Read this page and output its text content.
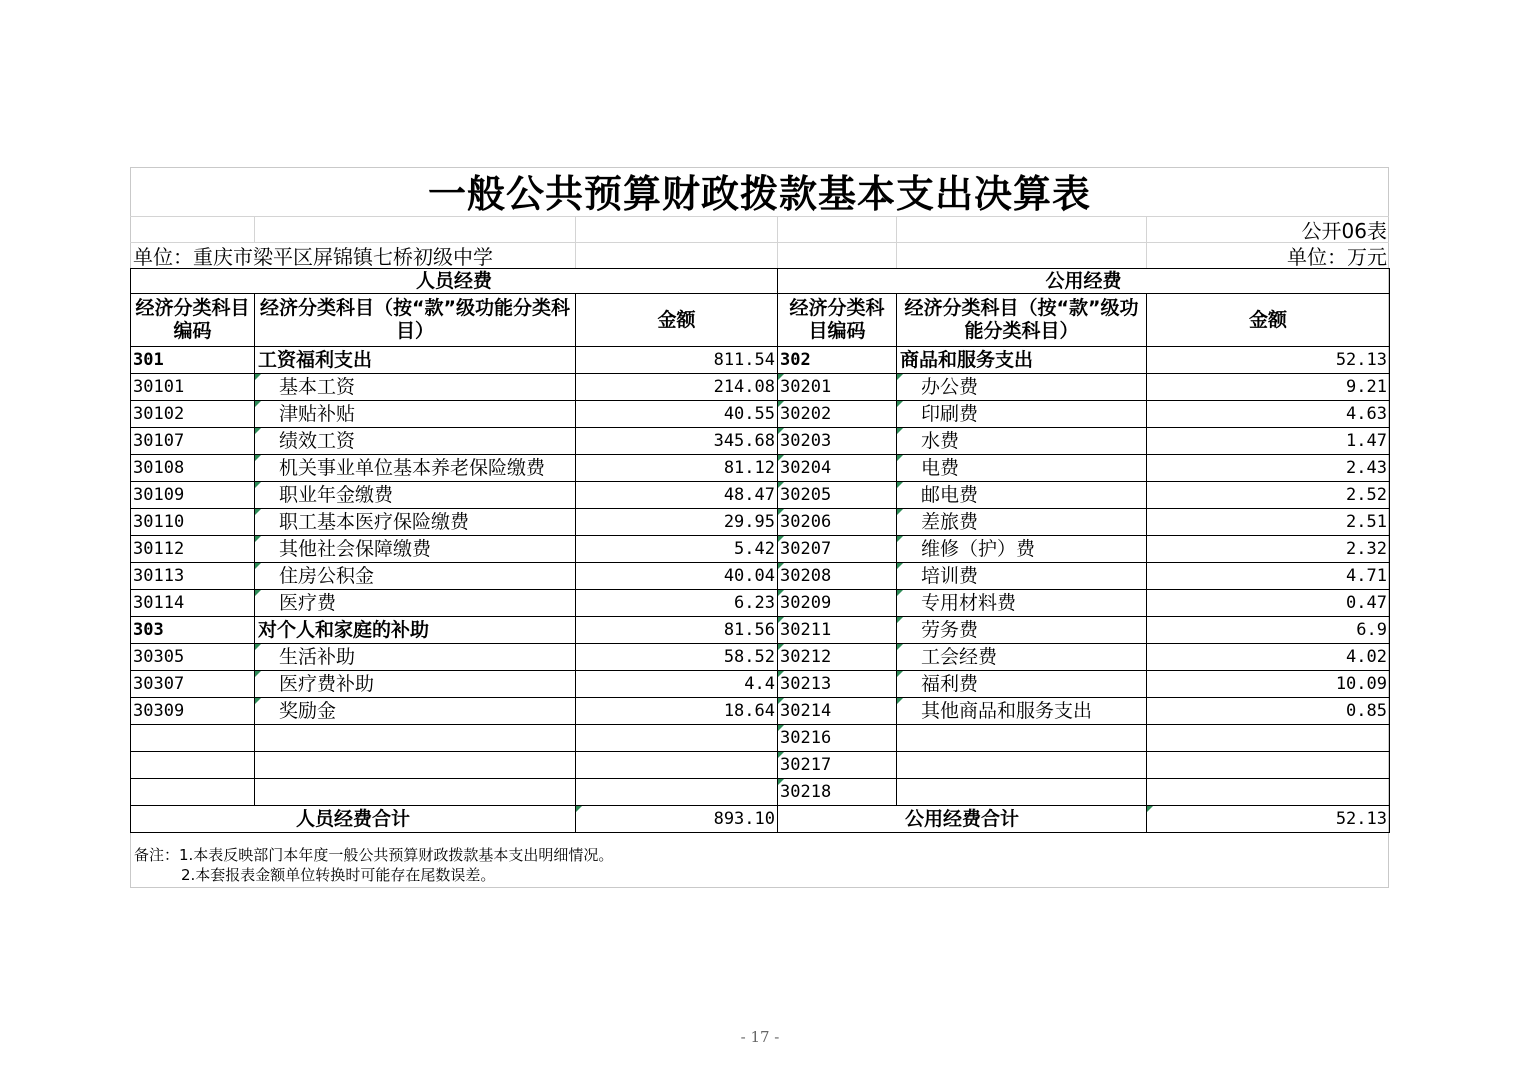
一般公共预算财政拨款基本支出决算表
公开06表
单位：重庆市梁平区屏锦镇七桥初级中学	单位：万元
人员经费			公用经费		
经济分类科目编码	经济分类科目（按“款”级功能分类科目）	金额	经济分类科目编码	经济分类科目（按“款”级功能分类科目）	金额
301	工资福利支出	811.54	302	商品和服务支出	52.13
30101	基本工资	214.08	30201	办公费	9.21
30102	津贴补贴	40.55	30202	印刷费	4.63
30107	绩效工资	345.68	30203	水费	1.47
30108	机关事业单位基本养老保险缴费	81.12	30204	电费	2.43
30109	职业年金缴费	48.47	30205	邮电费	2.52
30110	职工基本医疗保险缴费	29.95	30206	差旅费	2.51
30112	其他社会保障缴费	5.42	30207	维修（护）费	2.32
30113	住房公积金	40.04	30208	培训费	4.71
30114	医疗费	6.23	30209	专用材料费	0.47
303	对个人和家庭的补助	81.56	30211	劳务费	6.9
30305	生活补助	58.52	30212	工会经费	4.02
30307	医疗费补助	4.4	30213	福利费	10.09
30309	奖励金	18.64	30214	其他商品和服务支出	0.85
			30216		
			30217		
			30218		
人员经费合计		893.10	公用经费合计		52.13
备注：1.本表反映部门本年度一般公共预算财政拨款基本支出明细情况。
2.本套报表金额单位转换时可能存在尾数误差。
- 17 -
